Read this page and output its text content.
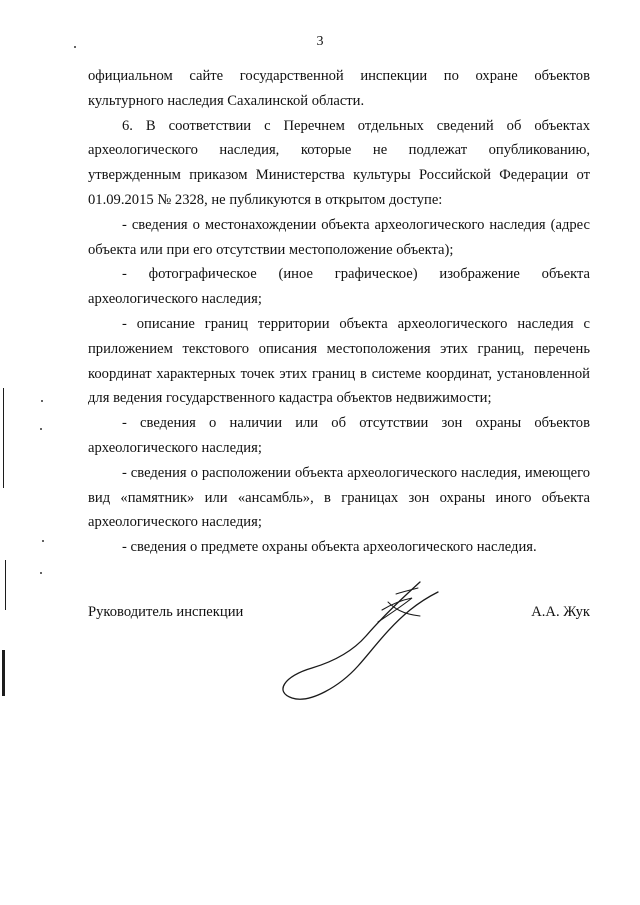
3

официальном сайте государственной инспекции по охране объектов культурного наследия Сахалинской области.

6. В соответствии с Перечнем отдельных сведений об объектах археологического наследия, которые не подлежат опубликованию, утвержденным приказом Министерства культуры Российской Федерации от 01.09.2015 № 2328, не публикуются в открытом доступе:

- сведения о местонахождении объекта археологического наследия (адрес объекта или при его отсутствии местоположение объекта);

- фотографическое (иное графическое) изображение объекта археологического наследия;

- описание границ территории объекта археологического наследия с приложением текстового описания местоположения этих границ, перечень координат характерных точек этих границ в системе координат, установленной для ведения государственного кадастра объектов недвижимости;

- сведения о наличии или об отсутствии зон охраны объектов археологического наследия;

- сведения о расположении объекта археологического наследия, имеющего вид «памятник» или «ансамбль», в границах зон охраны иного объекта археологического наследия;

- сведения о предмете охраны объекта археологического наследия.

Руководитель инспекции	А.А. Жук
